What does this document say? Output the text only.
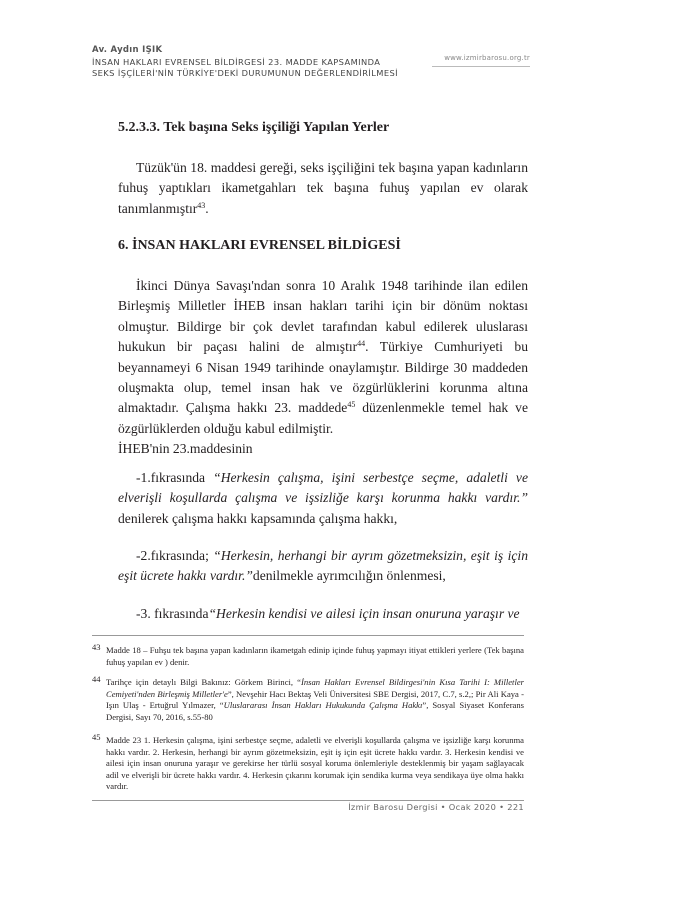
Av. Aydın IŞIK
www.izmirbarosu.org.tr
İNSAN HAKLARI EVRENSEL BİLDİRGESİ 23. MADDE KAPSAMINDA
SEKS İŞÇİLERİ'NİN TÜRKİYE'DEKİ DURUMUNUN DEĞERLENDİRİLMESİ
5.2.3.3. Tek başına Seks işçiliği Yapılan Yerler

Tüzük'ün 18. maddesi gereği, seks işçiliğini tek başına yapan kadınların fuhuş yaptıkları ikametgahları tek başına fuhuş yapılan ev olarak tanımlanmıştır$^{43}$.

6. İNSAN HAKLARI EVRENSEL BİLDİGESİ

İkinci Dünya Savaşı'ndan sonra 10 Aralık 1948 tarihinde ilan edilen Birleşmiş Milletler İHEB insan hakları tarihi için bir dönüm noktası olmuştur. Bildirge bir çok devlet tarafından kabul edilerek uluslarası hukukun bir paçası halini de almıştır$^{44}$. Türkiye Cumhuriyeti bu beyannameyi 6 Nisan 1949 tarihinde onaylamıştır. Bildirge 30 maddeden oluşmakta olup, temel insan hak ve özgürlüklerini korunma altına almaktadır. Çalışma hakkı 23. maddede$^{45}$ düzenlenmekle temel hak ve özgürlüklerden olduğu kabul edilmiştir.

İHEB'nin 23.maddesinin

-1.fıkrasında “Herkesin çalışma, işini serbestçe seçme, adaletli ve elverişli koşullarda çalışma ve işsizliğe karşı korunma hakkı vardır.” denilerek çalışma hakkı kapsamında çalışma hakkı,

-2.fıkrasında; “Herkesin, herhangi bir ayrım gözetmeksizin, eşit iş için eşit ücrete hakkı vardır.”denilmekle ayrımcılığın önlenmesi,

-3. fıkrasında“Herkesin kendisi ve ailesi için insan onuruna yaraşır ve

43 Madde 18 – Fuhşu tek başına yapan kadınların ikametgah edinip içinde fuhuş yapmayı itiyat ettikleri yerlere (Tek başına fuhuş yapılan ev ) denir.
44 Tarihçe için detaylı Bilgi Bakınız: Görkem Birinci, “İnsan Hakları Evrensel Bildirgesi'nin Kısa Tarihi I: Milletler Cemiyeti'nden Birleşmiş Milletler'e”, Nevşehir Hacı Bektaş Veli Üniversitesi SBE Dergisi, 2017, C.7, s.2,; Pir Ali Kaya - Işın Ulaş - Ertuğrul Yılmazer, “Uluslararası İnsan Hakları Hukukunda Çalışma Hakkı”, Sosyal Siyaset Konferans Dergisi, Sayı 70, 2016, s.55-80
45 Madde 23 1. Herkesin çalışma, işini serbestçe seçme, adaletli ve elverişli koşullarda çalışma ve işsizliğe karşı korunma hakkı vardır. 2. Herkesin, herhangi bir ayrım gözetmeksizin, eşit iş için eşit ücrete hakkı vardır. 3. Herkesin kendisi ve ailesi için insan onuruna yaraşır ve gerekirse her türlü sosyal koruma önlemleriyle desteklenmiş bir yaşam sağlayacak adil ve elverişli bir ücrete hakkı vardır. 4. Herkesin çıkarını korumak için sendika kurma veya sendikaya üye olma hakkı vardır.
İzmir Barosu Dergisi • Ocak 2020 • 221
